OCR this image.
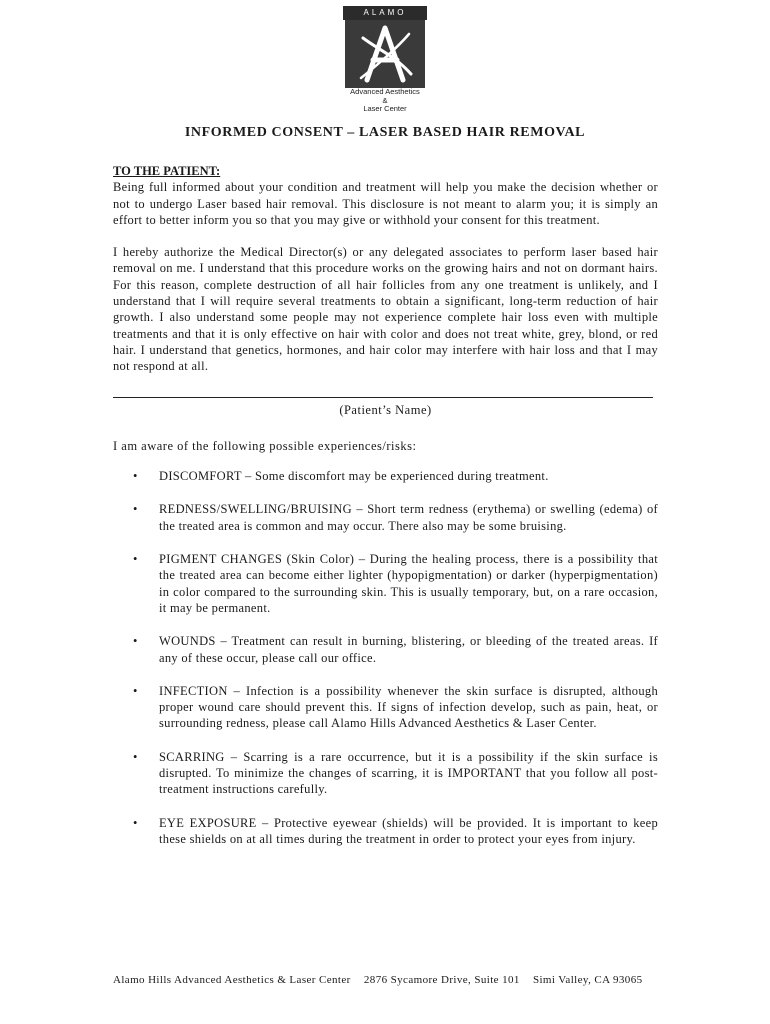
ALAMO
Advanced Aesthetics
&
Laser Center
INFORMED CONSENT – LASER BASED HAIR REMOVAL
TO THE PATIENT:

Being full informed about your condition and treatment will help you make the decision whether or not to undergo Laser based hair removal. This disclosure is not meant to alarm you; it is simply an effort to better inform you so that you may give or withhold your consent for this treatment.

I hereby authorize the Medical Director(s) or any delegated associates to perform laser based hair removal on me. I understand that this procedure works on the growing hairs and not on dormant hairs. For this reason, complete destruction of all hair follicles from any one treatment is unlikely, and I understand that I will require several treatments to obtain a significant, long-term reduction of hair growth. I also understand some people may not experience complete hair loss even with multiple treatments and that it is only effective on hair with color and does not treat white, grey, blond, or red hair. I understand that genetics, hormones, and hair color may interfere with hair loss and that I may not respond at all.

(Patient’s Name)
I am aware of the following possible experiences/risks:
• DISCOMFORT – Some discomfort may be experienced during treatment.
• REDNESS/SWELLING/BRUISING – Short term redness (erythema) or swelling (edema) of the treated area is common and may occur. There also may be some bruising.
• PIGMENT CHANGES (Skin Color) – During the healing process, there is a possibility that the treated area can become either lighter (hypopigmentation) or darker (hyperpigmentation) in color compared to the surrounding skin. This is usually temporary, but, on a rare occasion, it may be permanent.
• WOUNDS – Treatment can result in burning, blistering, or bleeding of the treated areas. If any of these occur, please call our office.
• INFECTION – Infection is a possibility whenever the skin surface is disrupted, although proper wound care should prevent this. If signs of infection develop, such as pain, heat, or surrounding redness, please call Alamo Hills Advanced Aesthetics & Laser Center.
• SCARRING – Scarring is a rare occurrence, but it is a possibility if the skin surface is disrupted. To minimize the changes of scarring, it is IMPORTANT that you follow all post-treatment instructions carefully.
• EYE EXPOSURE – Protective eyewear (shields) will be provided. It is important to keep these shields on at all times during the treatment in order to protect your eyes from injury.
Alamo Hills Advanced Aesthetics & Laser Center 2876 Sycamore Drive, Suite 101 Simi Valley, CA 93065
